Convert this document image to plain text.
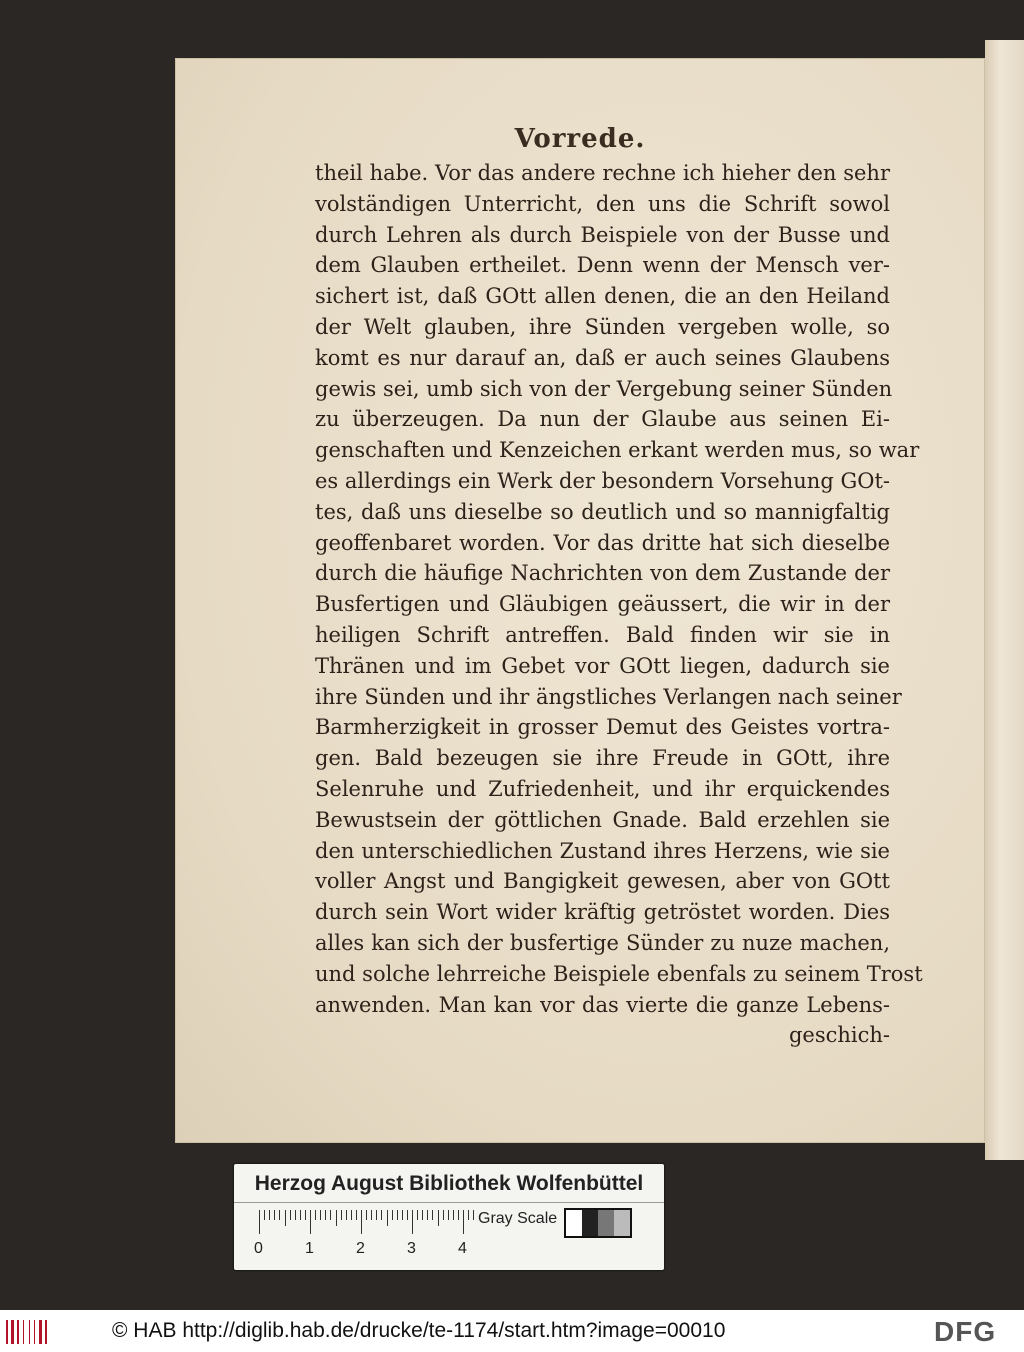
Vorrede.
theil habe. Vor das andere rechne ich hieher den sehr
volständigen Unterricht, den uns die Schrift sowol
durch Lehren als durch Beispiele von der Busse und
dem Glauben ertheilet. Denn wenn der Mensch ver-
sichert ist, daß GOtt allen denen, die an den Heiland
der Welt glauben, ihre Sünden vergeben wolle, so
komt es nur darauf an, daß er auch seines Glaubens
gewis sei, umb sich von der Vergebung seiner Sünden
zu überzeugen. Da nun der Glaube aus seinen Ei-
genschaften und Kenzeichen erkant werden mus, so war
es allerdings ein Werk der besondern Vorsehung GOt-
tes, daß uns dieselbe so deutlich und so mannigfaltig
geoffenbaret worden. Vor das dritte hat sich dieselbe
durch die häufige Nachrichten von dem Zustande der
Busfertigen und Gläubigen geäussert, die wir in der
heiligen Schrift antreffen. Bald finden wir sie in
Thränen und im Gebet vor GOtt liegen, dadurch sie
ihre Sünden und ihr ängstliches Verlangen nach seiner
Barmherzigkeit in grosser Demut des Geistes vortra-
gen. Bald bezeugen sie ihre Freude in GOtt, ihre
Selenruhe und Zufriedenheit, und ihr erquickendes
Bewustsein der göttlichen Gnade. Bald erzehlen sie
den unterschiedlichen Zustand ihres Herzens, wie sie
voller Angst und Bangigkeit gewesen, aber von GOtt
durch sein Wort wider kräftig getröstet worden. Dies
alles kan sich der busfertige Sünder zu nuze machen,
und solche lehrreiche Beispiele ebenfals zu seinem Trost
anwenden. Man kan vor das vierte die ganze Lebens-
geschich-
Herzog August Bibliothek Wolfenbüttel
0	1	2	3	4
Gray Scale
© HAB http://diglib.hab.de/drucke/te-1174/start.htm?image=00010	DFG
